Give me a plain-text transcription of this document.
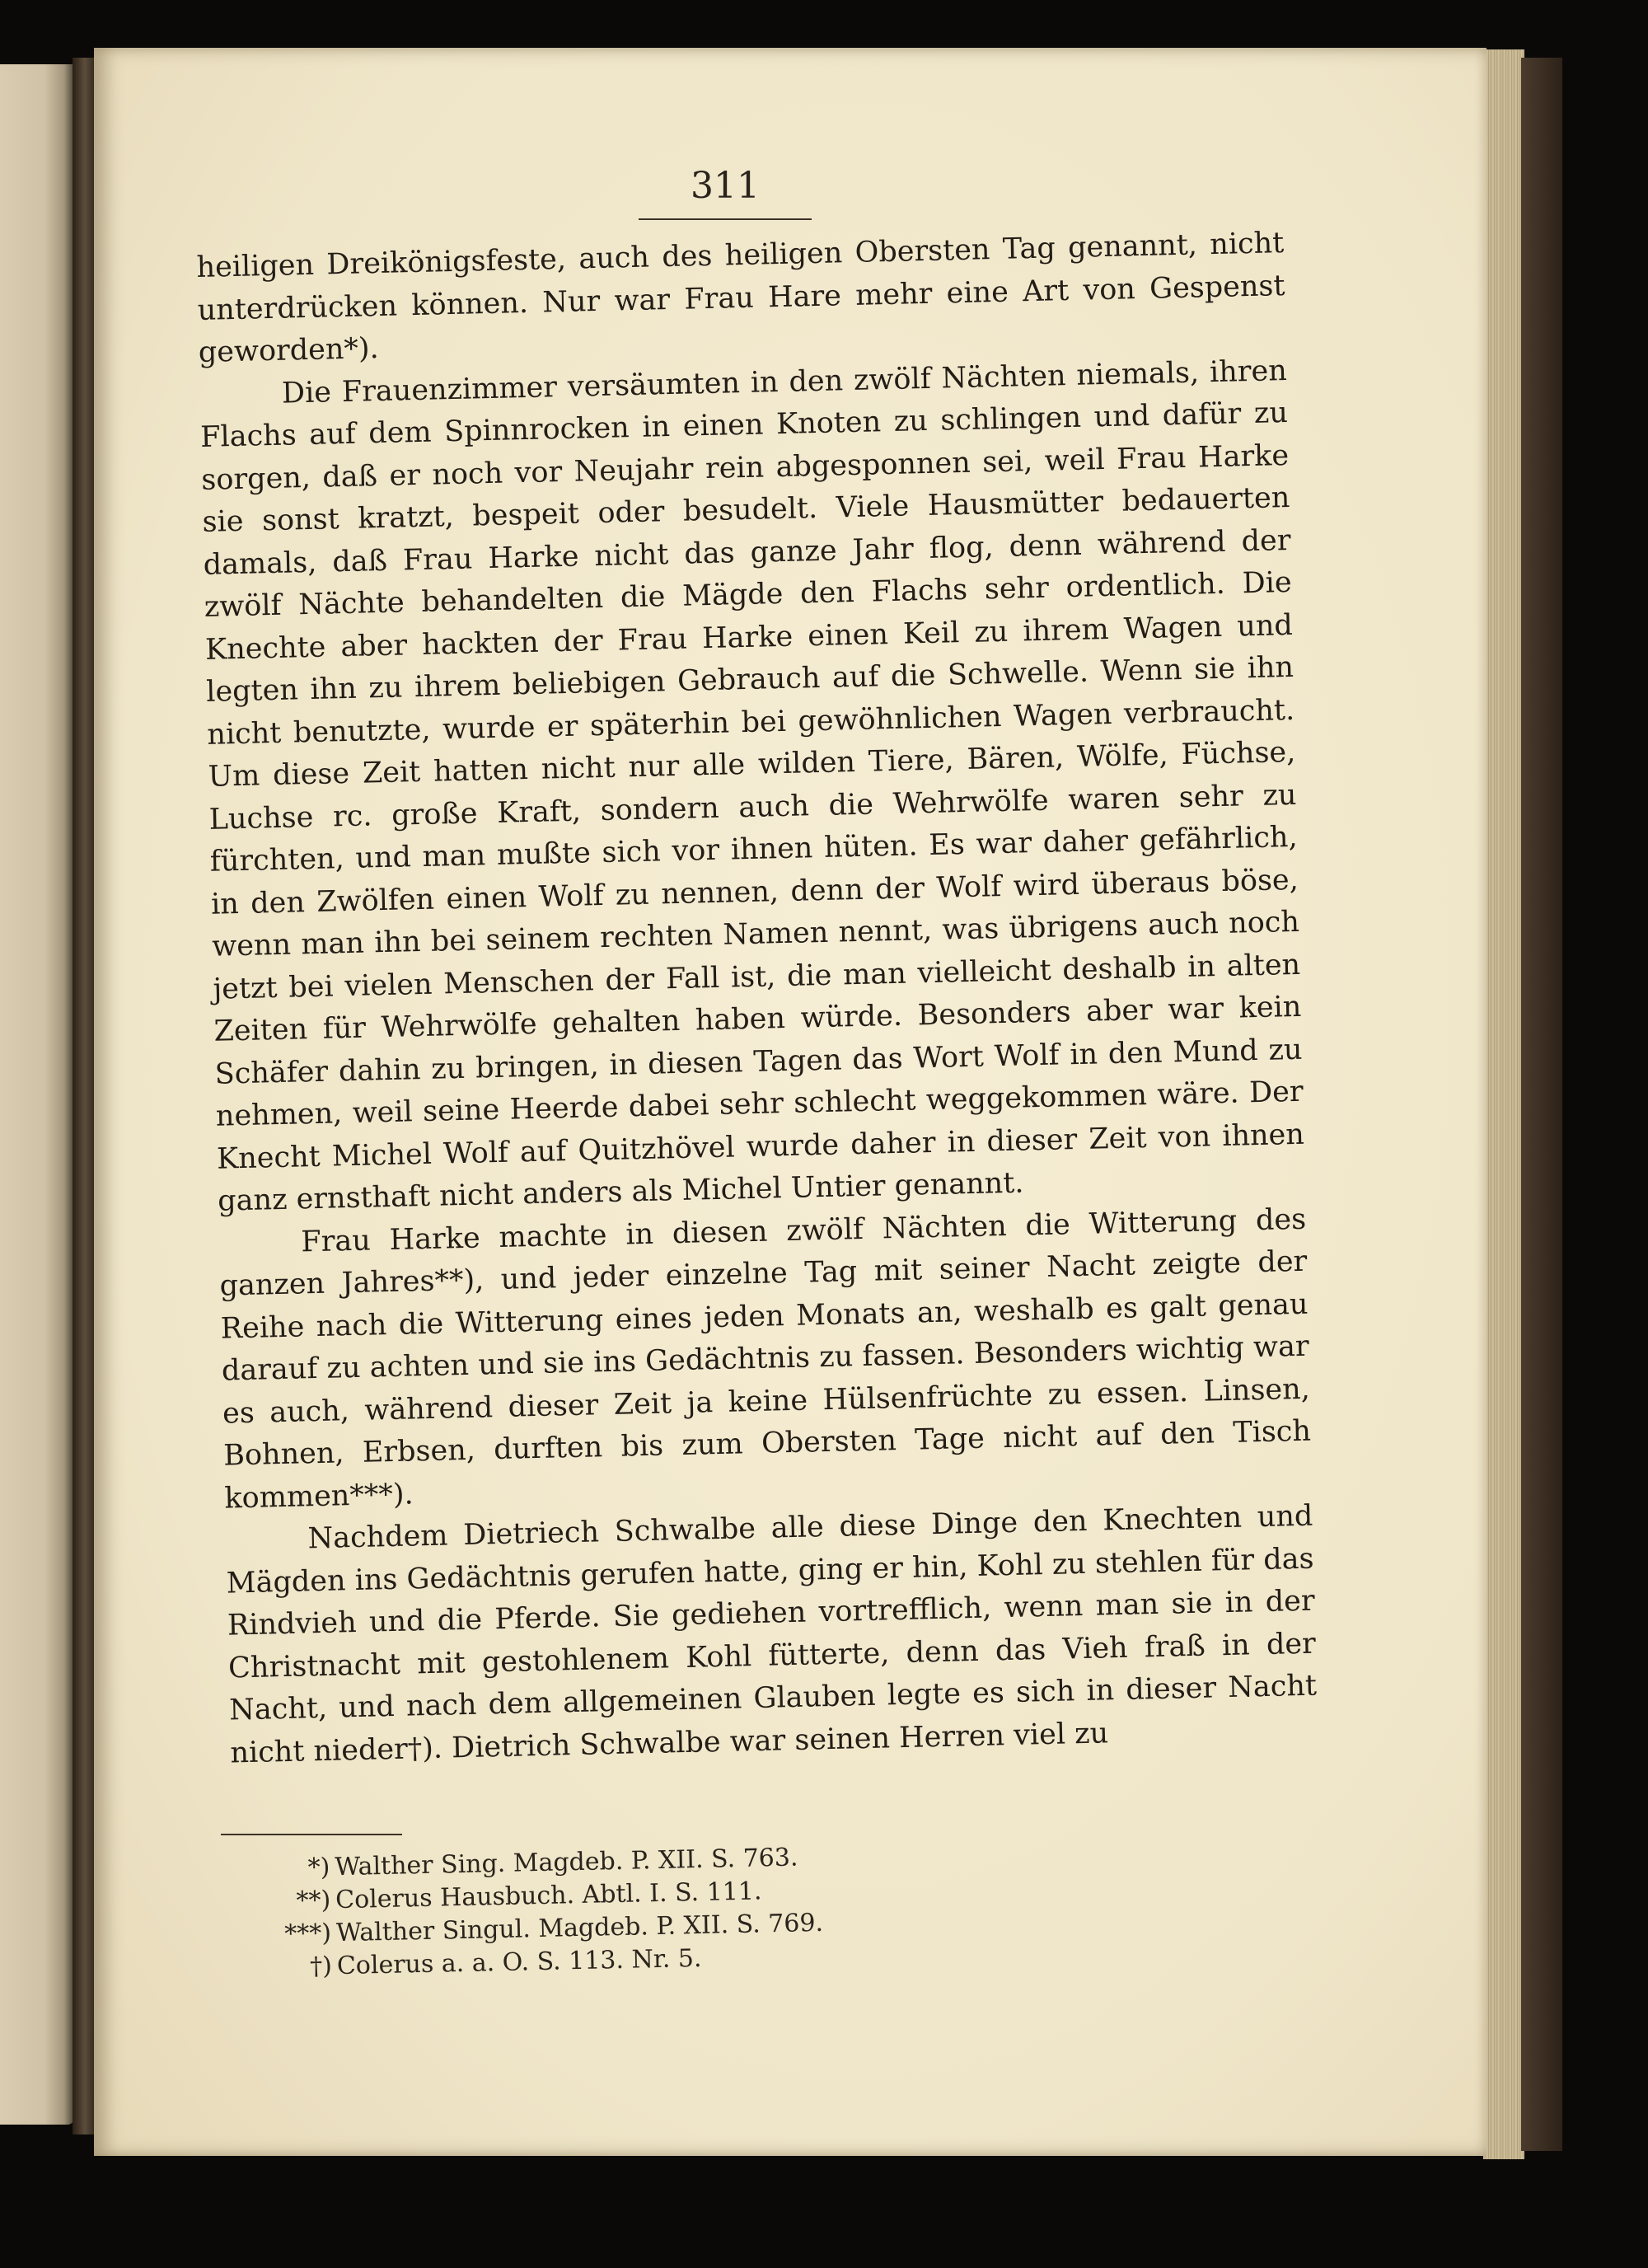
311

heiligen Dreikönigsfeste, auch des heiligen Obersten Tag genannt, nicht unterdrücken können. Nur war Frau Hare mehr eine Art von Gespenst geworden*).

Die Frauenzimmer versäumten in den zwölf Nächten niemals, ihren Flachs auf dem Spinnrocken in einen Knoten zu schlingen und dafür zu sorgen, daß er noch vor Neujahr rein abgesponnen sei, weil Frau Harke sie sonst kratzt, bespeit oder besudelt. Viele Hausmütter bedauerten damals, daß Frau Harke nicht das ganze Jahr flog, denn während der zwölf Nächte behandelten die Mägde den Flachs sehr ordentlich. Die Knechte aber hackten der Frau Harke einen Keil zu ihrem Wagen und legten ihn zu ihrem beliebigen Gebrauch auf die Schwelle. Wenn sie ihn nicht benutzte, wurde er späterhin bei gewöhnlichen Wagen verbraucht. Um diese Zeit hatten nicht nur alle wilden Tiere, Bären, Wölfe, Füchse, Luchse rc. große Kraft, sondern auch die Wehrwölfe waren sehr zu fürchten, und man mußte sich vor ihnen hüten. Es war daher gefährlich, in den Zwölfen einen Wolf zu nennen, denn der Wolf wird überaus böse, wenn man ihn bei seinem rechten Namen nennt, was übrigens auch noch jetzt bei vielen Menschen der Fall ist, die man vielleicht deshalb in alten Zeiten für Wehrwölfe gehalten haben würde. Besonders aber war kein Schäfer dahin zu bringen, in diesen Tagen das Wort Wolf in den Mund zu nehmen, weil seine Heerde dabei sehr schlecht weggekommen wäre. Der Knecht Michel Wolf auf Quitzhövel wurde daher in dieser Zeit von ihnen ganz ernsthaft nicht anders als Michel Untier genannt.

Frau Harke machte in diesen zwölf Nächten die Witterung des ganzen Jahres**), und jeder einzelne Tag mit seiner Nacht zeigte der Reihe nach die Witterung eines jeden Monats an, weshalb es galt genau darauf zu achten und sie ins Gedächtnis zu fassen. Besonders wichtig war es auch, während dieser Zeit ja keine Hülsenfrüchte zu essen. Linsen, Bohnen, Erbsen, durften bis zum Obersten Tage nicht auf den Tisch kommen***).

Nachdem Dietriech Schwalbe alle diese Dinge den Knechten und Mägden ins Gedächtnis gerufen hatte, ging er hin, Kohl zu stehlen für das Rindvieh und die Pferde. Sie gediehen vortrefflich, wenn man sie in der Christnacht mit gestohlenem Kohl fütterte, denn das Vieh fraß in der Nacht, und nach dem allgemeinen Glauben legte es sich in dieser Nacht nicht nieder†). Dietrich Schwalbe war seinen Herren viel zu

*) Walther Sing. Magdeb. P. XII. S. 763.
**) Colerus Hausbuch. Abtl. I. S. 111.
***) Walther Singul. Magdeb. P. XII. S. 769.
†) Colerus a. a. O. S. 113. Nr. 5.
